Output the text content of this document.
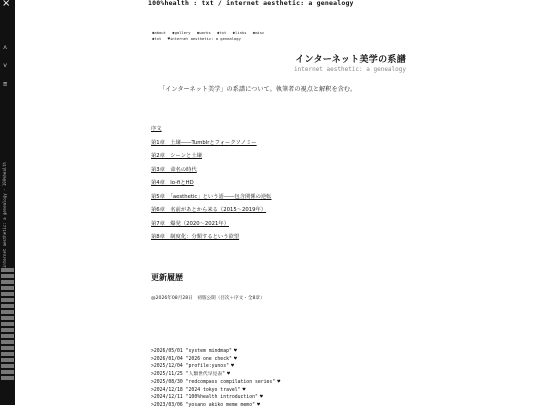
×
˄
˅
≡
internet aesthetic: a genealogy - 100%health
100%health : txt / internet aesthetic: a genealogy
◆about ◆gallery ◆works ◆txt ◆links ◆misc
◆txt ♥internet aesthetic: a genealogy
インターネット美学の系譜
internet aesthetic: a genealogy
「インターネット美学」の系譜について。執筆者の視点と解釈を含む。
序文
第1章　土壌――Tumblrとフォークソノミー
第2章　シーンと土壌
第3章　命名の時代
第4章　lo-fiとHD
第5章　「aesthetic」という語――包含関係の逆転
第6章　名前があとから来る（2015〜2019年）
第7章　爆発（2020〜2021年）
第8章　制度化：分類するという欲望
更新履歴
@2026年08月28日　初版公開（目次＋序文・全8章）
>2026/05/01 "system mindmap" ♥
>2026/01/04 "2026 one check" ♥
>2025/12/04 "profile:yunos" ♥
>2025/11/25 "人類世代早見表" ♥
>2025/08/30 "redcompass compilation series" ♥
>2024/12/18 "2024 tokyo travel" ♥
>2024/12/11 "100%health introduction" ♥
>2023/03/06 "yosano akiko meme memo" ♥
